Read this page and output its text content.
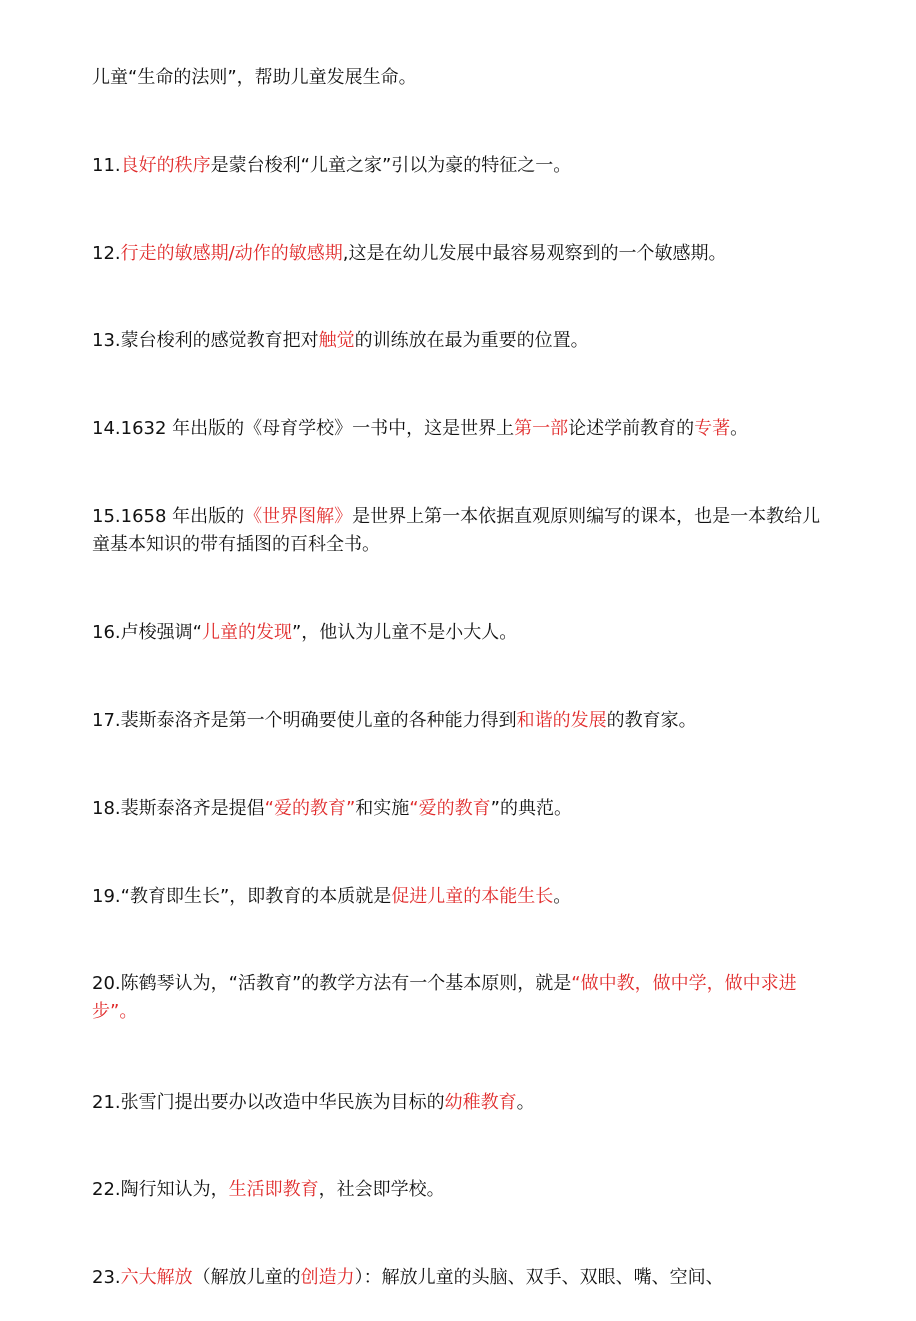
儿童“生命的法则”，帮助儿童发展生命。

11.良好的秩序是蒙台梭利“儿童之家”引以为豪的特征之一。

12.行走的敏感期/动作的敏感期,这是在幼儿发展中最容易观察到的一个敏感期。

13.蒙台梭利的感觉教育把对触觉的训练放在最为重要的位置。

14.1632 年出版的《母育学校》一书中，这是世界上第一部论述学前教育的专著。

15.1658 年出版的《世界图解》是世界上第一本依据直观原则编写的课本，也是一本教给儿童基本知识的带有插图的百科全书。

16.卢梭强调“儿童的发现”，他认为儿童不是小大人。

17.裴斯泰洛齐是第一个明确要使儿童的各种能力得到和谐的发展的教育家。

18.裴斯泰洛齐是提倡“爱的教育”和实施“爱的教育”的典范。

19.“教育即生长”，即教育的本质就是促进儿童的本能生长。

20.陈鹤琴认为，“活教育”的教学方法有一个基本原则，就是“做中教，做中学，做中求进步”。

21.张雪门提出要办以改造中华民族为目标的幼稚教育。

22.陶行知认为，生活即教育，社会即学校。

23.六大解放（解放儿童的创造力）：解放儿童的头脑、双手、双眼、嘴、空间、
